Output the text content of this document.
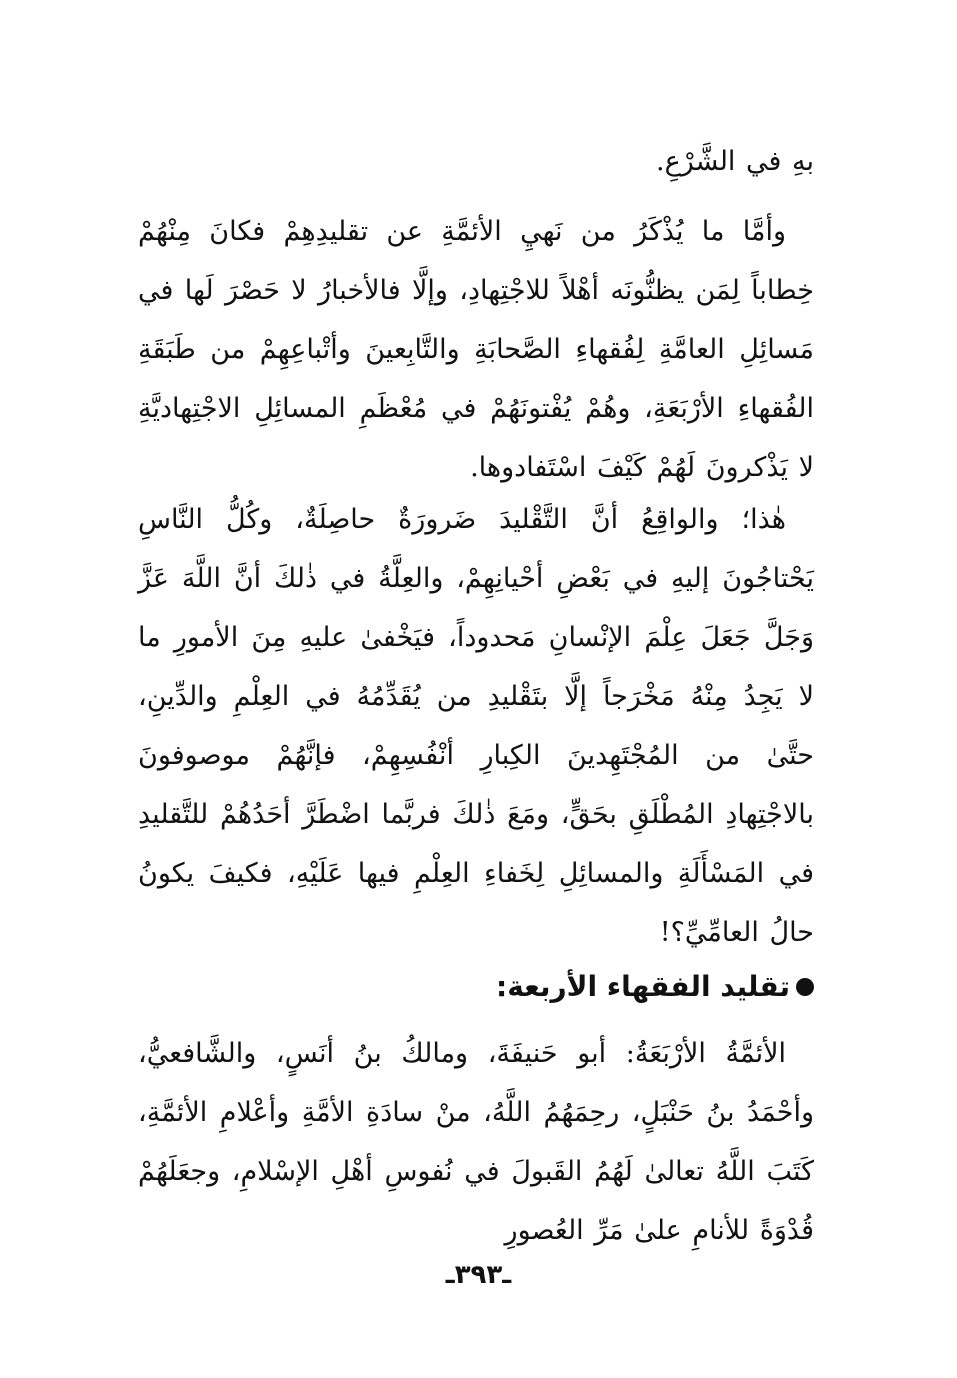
بهِ في الشَّرْعِ.

وأمَّا ما يُذْكَرُ من نَهيِ الأئمَّةِ عن تقليدِهِمْ فكانَ مِنْهُمْ خِطاباً لِمَن يظنُّونَه أهْلاً للاجْتِهادِ، وإلَّا فالأخبارُ لا حَصْرَ لَها في مَسائِلِ العامَّةِ لِفُقهاءِ الصَّحابَةِ والتَّابِعينَ وأتْباعِهِمْ من طَبَقَةِ الفُقهاءِ الأرْبَعَةِ، وهُمْ يُفْتونَهُمْ في مُعْظَمِ المسائِلِ الاجْتِهاديَّةِ لا يَذْكرونَ لَهُمْ كَيْفَ اسْتَفادوها.

هٰذا؛ والواقِعُ أنَّ التَّقْليدَ ضَرورَةٌ حاصِلَةٌ، وكُلُّ النَّاسِ يَحْتاجُونَ إليهِ في بَعْضِ أحْيانِهِمْ، والعِلَّةُ في ذٰلكَ أنَّ اللَّهَ عَزَّ وَجَلَّ جَعَلَ عِلْمَ الإنْسانِ مَحدوداً، فيَخْفىٰ عليهِ مِنَ الأمورِ ما لا يَجِدُ مِنْهُ مَخْرَجاً إلَّا بتَقْليدِ من يُقَدِّمُهُ في العِلْمِ والدِّينِ، حتَّىٰ من المُجْتَهِدينَ الكِبارِ أنْفُسِهِمْ، فإنَّهُمْ موصوفونَ بالاجْتِهادِ المُطْلَقِ بحَقٍّ، ومَعَ ذٰلكَ فربَّما اضْطَرَّ أحَدُهُمْ للتَّقليدِ في المَسْأَلَةِ والمسائِلِ لِخَفاءِ العِلْمِ فيها عَلَيْهِ، فكيفَ يكونُ حالُ العامِّيِّ؟!

تقليد الفقهاء الأربعة:

الأئمَّةُ الأرْبَعَةُ: أبو حَنيفَةَ، ومالكُ بنُ أنَسٍ، والشَّافعيُّ، وأحْمَدُ بنُ حَنْبَلٍ، رحِمَهُمُ اللَّهُ، منْ سادَةِ الأمَّةِ وأعْلامِ الأئمَّةِ، كَتَبَ اللَّهُ تعالىٰ لَهُمُ القَبولَ في نُفوسِ أهْلِ الإسْلامِ، وجعَلَهُمْ قُدْوَةً للأنامِ علىٰ مَرِّ العُصورِ

ـ٣٩٣ـ
